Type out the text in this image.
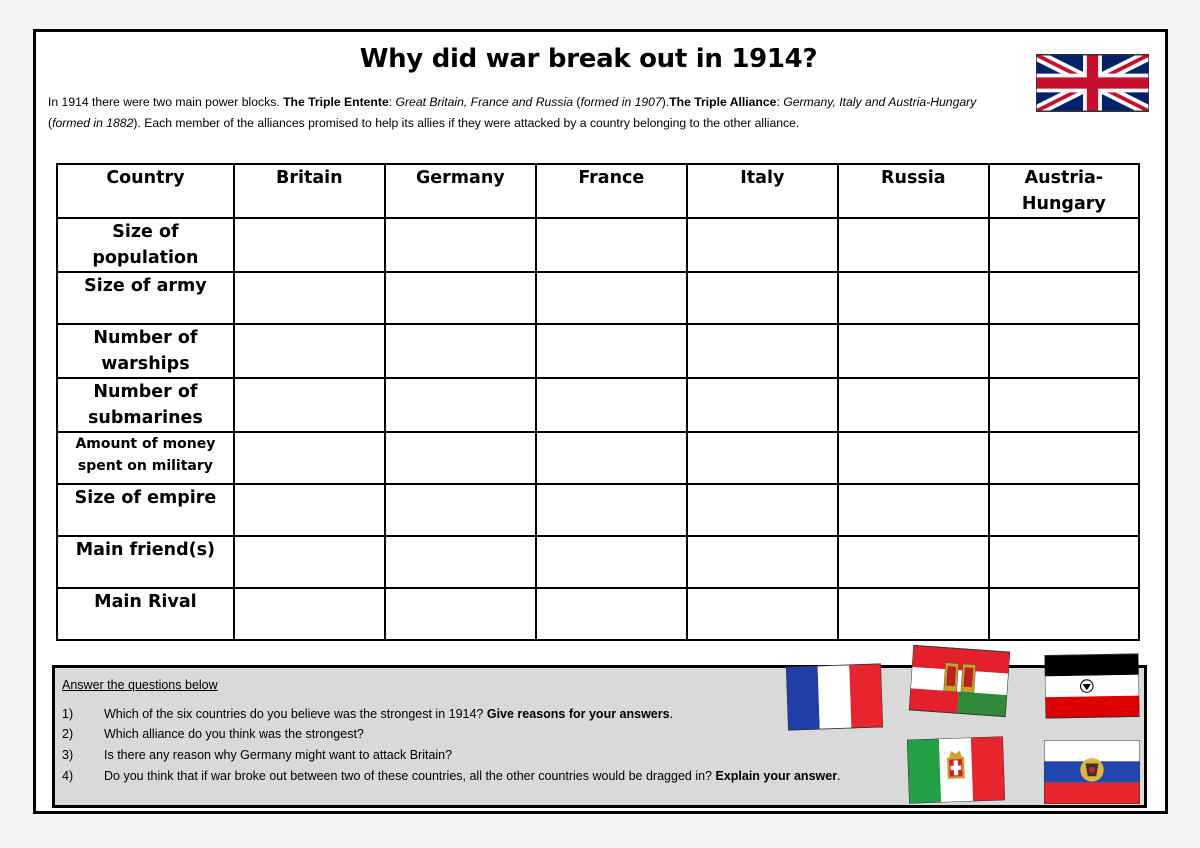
Why did war break out in 1914?
In 1914 there were two main power blocks. The Triple Entente: Great Britain, France and Russia (formed in 1907).The Triple Alliance: Germany, Italy and Austria-Hungary (formed in 1882). Each member of the alliances promised to help its allies if they were attacked by a country belonging to the other alliance.
Country	Britain	Germany	France	Italy	Russia	Austria-Hungary
Size of population						
Size of army						
Number of warships						
Number of submarines						
Amount of money spent on military						
Size of empire						
Main friend(s)						
Main Rival						
Answer the questions below
1) Which of the six countries do you believe was the strongest in 1914? Give reasons for your answers.
2) Which alliance do you think was the strongest?
3) Is there any reason why Germany might want to attack Britain?
4) Do you think that if war broke out between two of these countries, all the other countries would be dragged in? Explain your answer.
